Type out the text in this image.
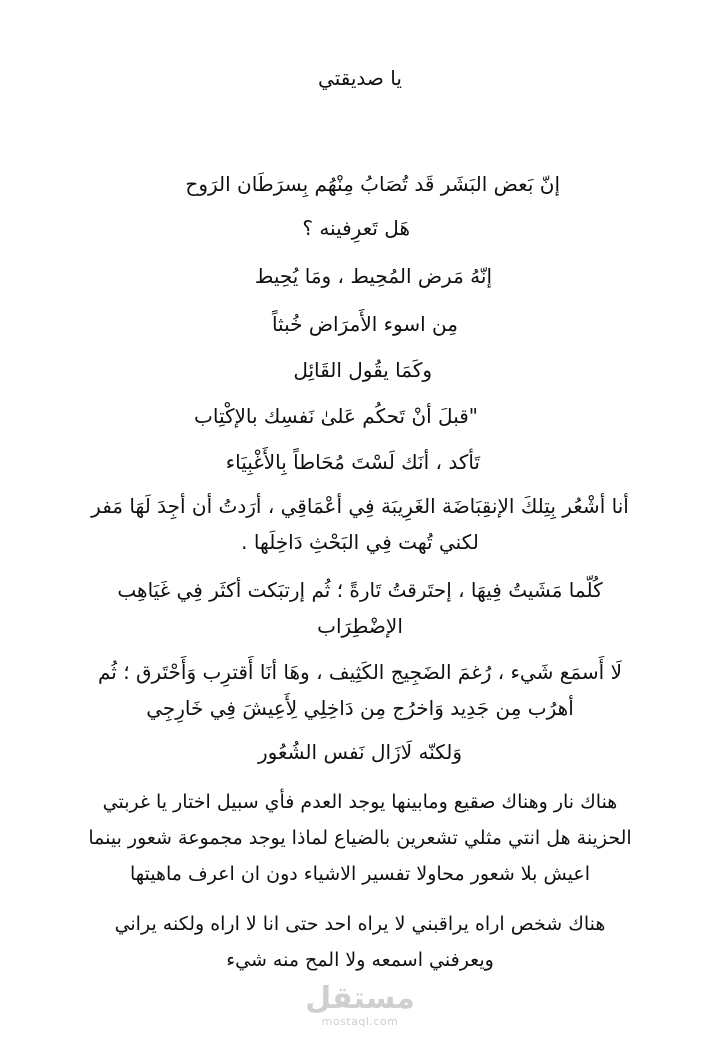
يا صديقتي
إنّ بَعض البَشَر قَد تُصَابُ مِنْهُم بِسرَطَان الرَوح
هَل تَعرِفينه ؟
إنّهُ مَرض المُحِيط ، ومَا يُحِيط
مِن اسوء الأَمرَاض خُبثاً
وكَمَا يقُول القَائِل
"قبلَ أنْ تَحكُم عَلىٰ نَفسِك بالإكْتِاب
تَأكد ، أنَك لَسْتَ مُحَاطاً بِالأَغْبِيَاء
أنا أشْعُر بِتِلكَ الإنقِبَاضَة الغَرِيبَة فِي أعْمَاقِي ، أرَدتُ أن أجِدَ لَهَا مَفر
لكني تُهت فِي البَحْثِ دَاخِلَها .
كُلّما مَشَيتُ فِيهَا ، إحتَرقتُ تَارةً ؛ ثُم إرتبَكت أكثَر فِي غَيَاهِب
الإضْطِرَاب
لَا أَسمَع شَيء ، رُغمَ الضَجِيج الكَثِيف ، وهَا أنَا أَقترِب وَأَحْتَرق ؛ ثُم
أهرُب مِن جَدِيد وَاخرُج مِن دَاخِلِي لِأَعِيشَ فِي خَارِجِي
وَلكنّه لَازَال نَفس الشُعُور
هناك نار وهناك صقيع ومابينها يوجد العدم فأي سبيل اختار يا غربتي
الحزينة هل انتي مثلي تشعرين بالضياع لماذا يوجد مجموعة شعور بينما
اعيش بلا شعور محاولا تفسير الاشياء دون ان اعرف ماهيتها
هناك شخص اراه يراقبني لا يراه احد حتى انا لا اراه ولكنه يراني
ويعرفني اسمعه ولا المح منه شيء
مستقل
mostaql.com
